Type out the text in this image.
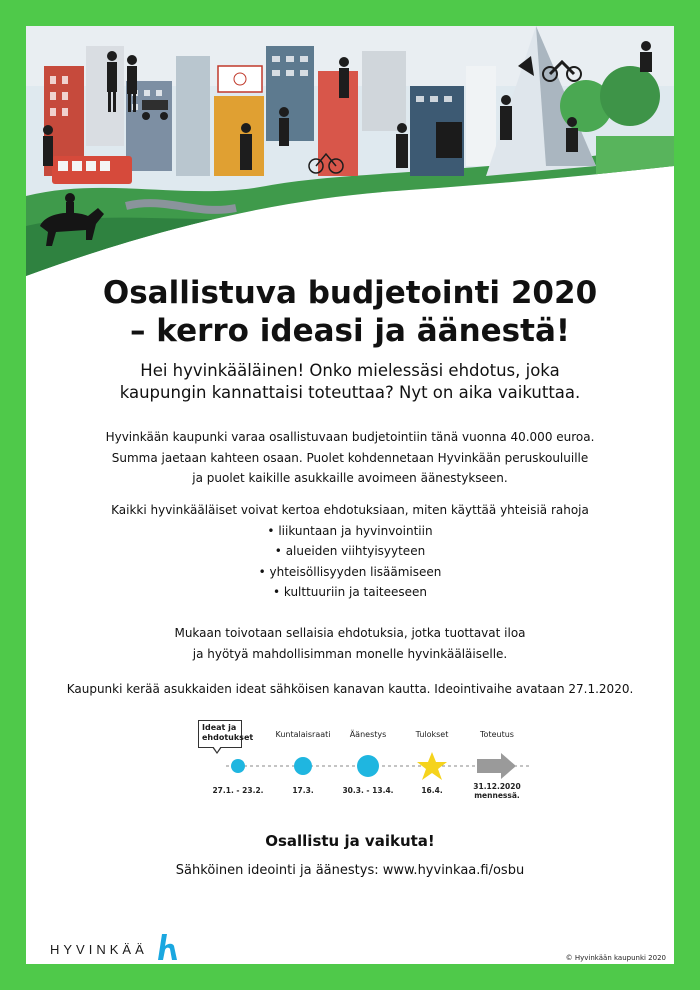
Osallistuva budjetointi 2020
– kerro ideasi ja äänestä!
Hei hyvinkääläinen! Onko mielessäsi ehdotus, joka
kaupungin kannattaisi toteuttaa? Nyt on aika vaikuttaa.
Hyvinkään kaupunki varaa osallistuvaan budjetointiin tänä vuonna 40.000 euroa.
Summa jaetaan kahteen osaan. Puolet kohdennetaan Hyvinkään peruskouluille
ja puolet kaikille asukkaille avoimeen äänestykseen.
Kaikki hyvinkääläiset voivat kertoa ehdotuksiaan, miten käyttää yhteisiä rahoja
• liikuntaan ja hyvinvointiin
• alueiden viihtyisyyteen
• yhteisöllisyyden lisäämiseen
• kulttuuriin ja taiteeseen
Mukaan toivotaan sellaisia ehdotuksia, jotka tuottavat iloa
ja hyötyä mahdollisimman monelle hyvinkääläiselle.
Kaupunki kerää asukkaiden ideat sähköisen kanavan kautta. Ideointivaihe avataan 27.1.2020.
Ideat ja
ehdotukset	Kuntalaisraati	Äänestys	Tulokset	Toteutus
27.1. - 23.2.	17.3.	30.3. - 13.4.	16.4.	31.12.2020
mennessä.
Osallistu ja vaikuta!
Sähköinen ideointi ja äänestys: www.hyvinkaa.fi/osbu
HYVINKÄÄ
© Hyvinkään kaupunki 2020
